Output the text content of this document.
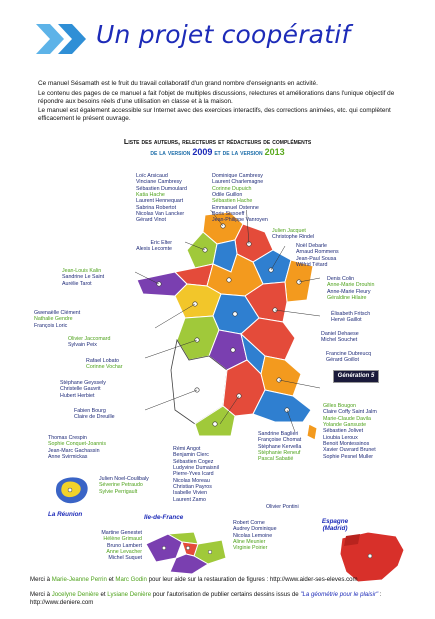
Un projet coopératif

Ce manuel Sésamath est le fruit du travail collaboratif d'un grand nombre d'enseignants en activité.

Le contenu des pages de ce manuel a fait l'objet de multiples discussions, relectures et améliorations dans l'unique objectif de répondre aux besoins réels d'une utilisation en classe et à la maison.

Le manuel est également accessible sur Internet avec des exercices interactifs, des corrections animées, etc. qui complètent efficacement le présent ouvrage.

Liste des auteurs, relecteurs et rédacteurs de compléments
de la version 2009 et de la version 2013
Loïc Arsicaud
Vinciane Cambresy
Sébastien Dumoulard
Katia Hache
Laurent Hennequart
Sabrina Robertot
Nicolas Van Lancker
Gérard Vinot
Dominique Cambresy
Laurent Charlemagne
Corinne Dupuich
Odile Guillon
Sébastien Hache
Emmanuel Ostenne
Boris Sissoeff
Jean-Philippe Vanroyen
Julien Jacquet
Christophe Rindel
Eric Elter
Alexis Lecomte
Noël Debarle
Arnaud Rommens
Jean-Paul Sousa
Wilfrid Tétard
Jean-Louis Kalin
Sandrine Le Saint
Aurélie Tarot
Denis Colin
Anne-Marie Drouhin
Anne-Marie Fleury
Géraldine Hilaire
Gwenaëlle Clément
Nathalie Gendre
François Loric
Élisabeth Fritsch
Hervé Gaillot
Olivier Jaccomard
Sylvain Peix
Daniel Dehaese
Michel Souchet
Rafael Lobato
Corinne Vochar
Francine Dubreucq
Gérard Goillot
Génération 5
Stéphane Geyssely
Christelle Gauvrit
Hubert Herbiet
Fabien Bourg
Claire de Dreuille
Gilles Bougon
Claire Coffy Saint Jalm
Marie-Claude Davila
Yolande Gansuste
Sébastien Jolivet
Lioubia Leroux
Benoit Montessinos
Xavier Ouvrard Brunet
Sophie Pesnel Muller
Thomas Crespin
Sophie Conquet-Joannis
Jean-Marc Gachassin
Anne Svirmickas
Rémi Angot
Benjamin Clerc
Sébastien Cogez
Ludyvine Dumaisnil
Pierre-Yves Icard
Nicolas Moreau
Christian Payros
Isabelle Vivien
Laurent Zamo
Sandrine Baglieri
Françoise Chomat
Stéphane Kervella
Stéphanie Reneuf
Pascal Sabatié
Julien Noel-Coulibaly
Séverine Petraudo
Sylvie Perrigault
La Réunion
Olivier Pontini
Ile-de-France
Martine Genestet
Hélène Grimaud
Bruno Lambert
Anne Levacher
Michel Suquet
Robert Corne
Audrey Dominique
Nicolas Lemoine
Aline Meunier
Virginie Poirier
Espagne
(Madrid)
Merci à Marie-Jeanne Perrin et Marc Godin pour leur aide sur la restauration de figures : http://www.aider-ses-eleves.com
Merci à Jocelyne Denière et Lysiane Denière pour l'autorisation de publier certains dessins issus de "La géométrie pour le plaisir" : http://www.deniere.com
